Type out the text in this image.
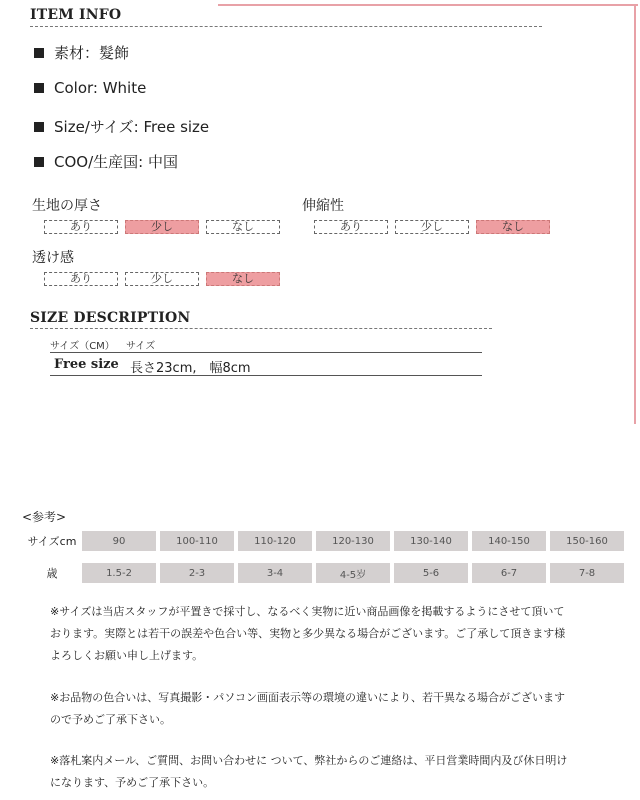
ITEM INFO
素材：髮飾
Color: White
Size/サイズ: Free size
COO/生産国: 中国
生地の厚さ
あり	少し	なし
伸縮性
あり	少し	なし
透け感
あり	少し	なし
SIZE DESCRIPTION
サイズ（CM） サイズ
Free size 長さ23cm,　幅8cm
<参考>
サイズcm	90	100-110	110-120	120-130	130-140	140-150	150-160
歳	1.5-2	2-3	3-4	4-5岁	5-6	6-7	7-8
※サイズは当店スタッフが平置きで採寸し、なるべく実物に近い商品画像を掲載するようにさせて頂いております。実際とは若干の誤差や色合い等、実物と多少異なる場合がございます。ご了承して頂きます様よろしくお願い申し上げます。
※お品物の色合いは、写真撮影・パソコン画面表示等の環境の違いにより、若干異なる場合がございますので予めご了承下さい。
※落札案内メール、ご質問、お問い合わせに ついて、弊社からのご連絡は、平日営業時間内及び休日明けになります、予めご了承下さい。
